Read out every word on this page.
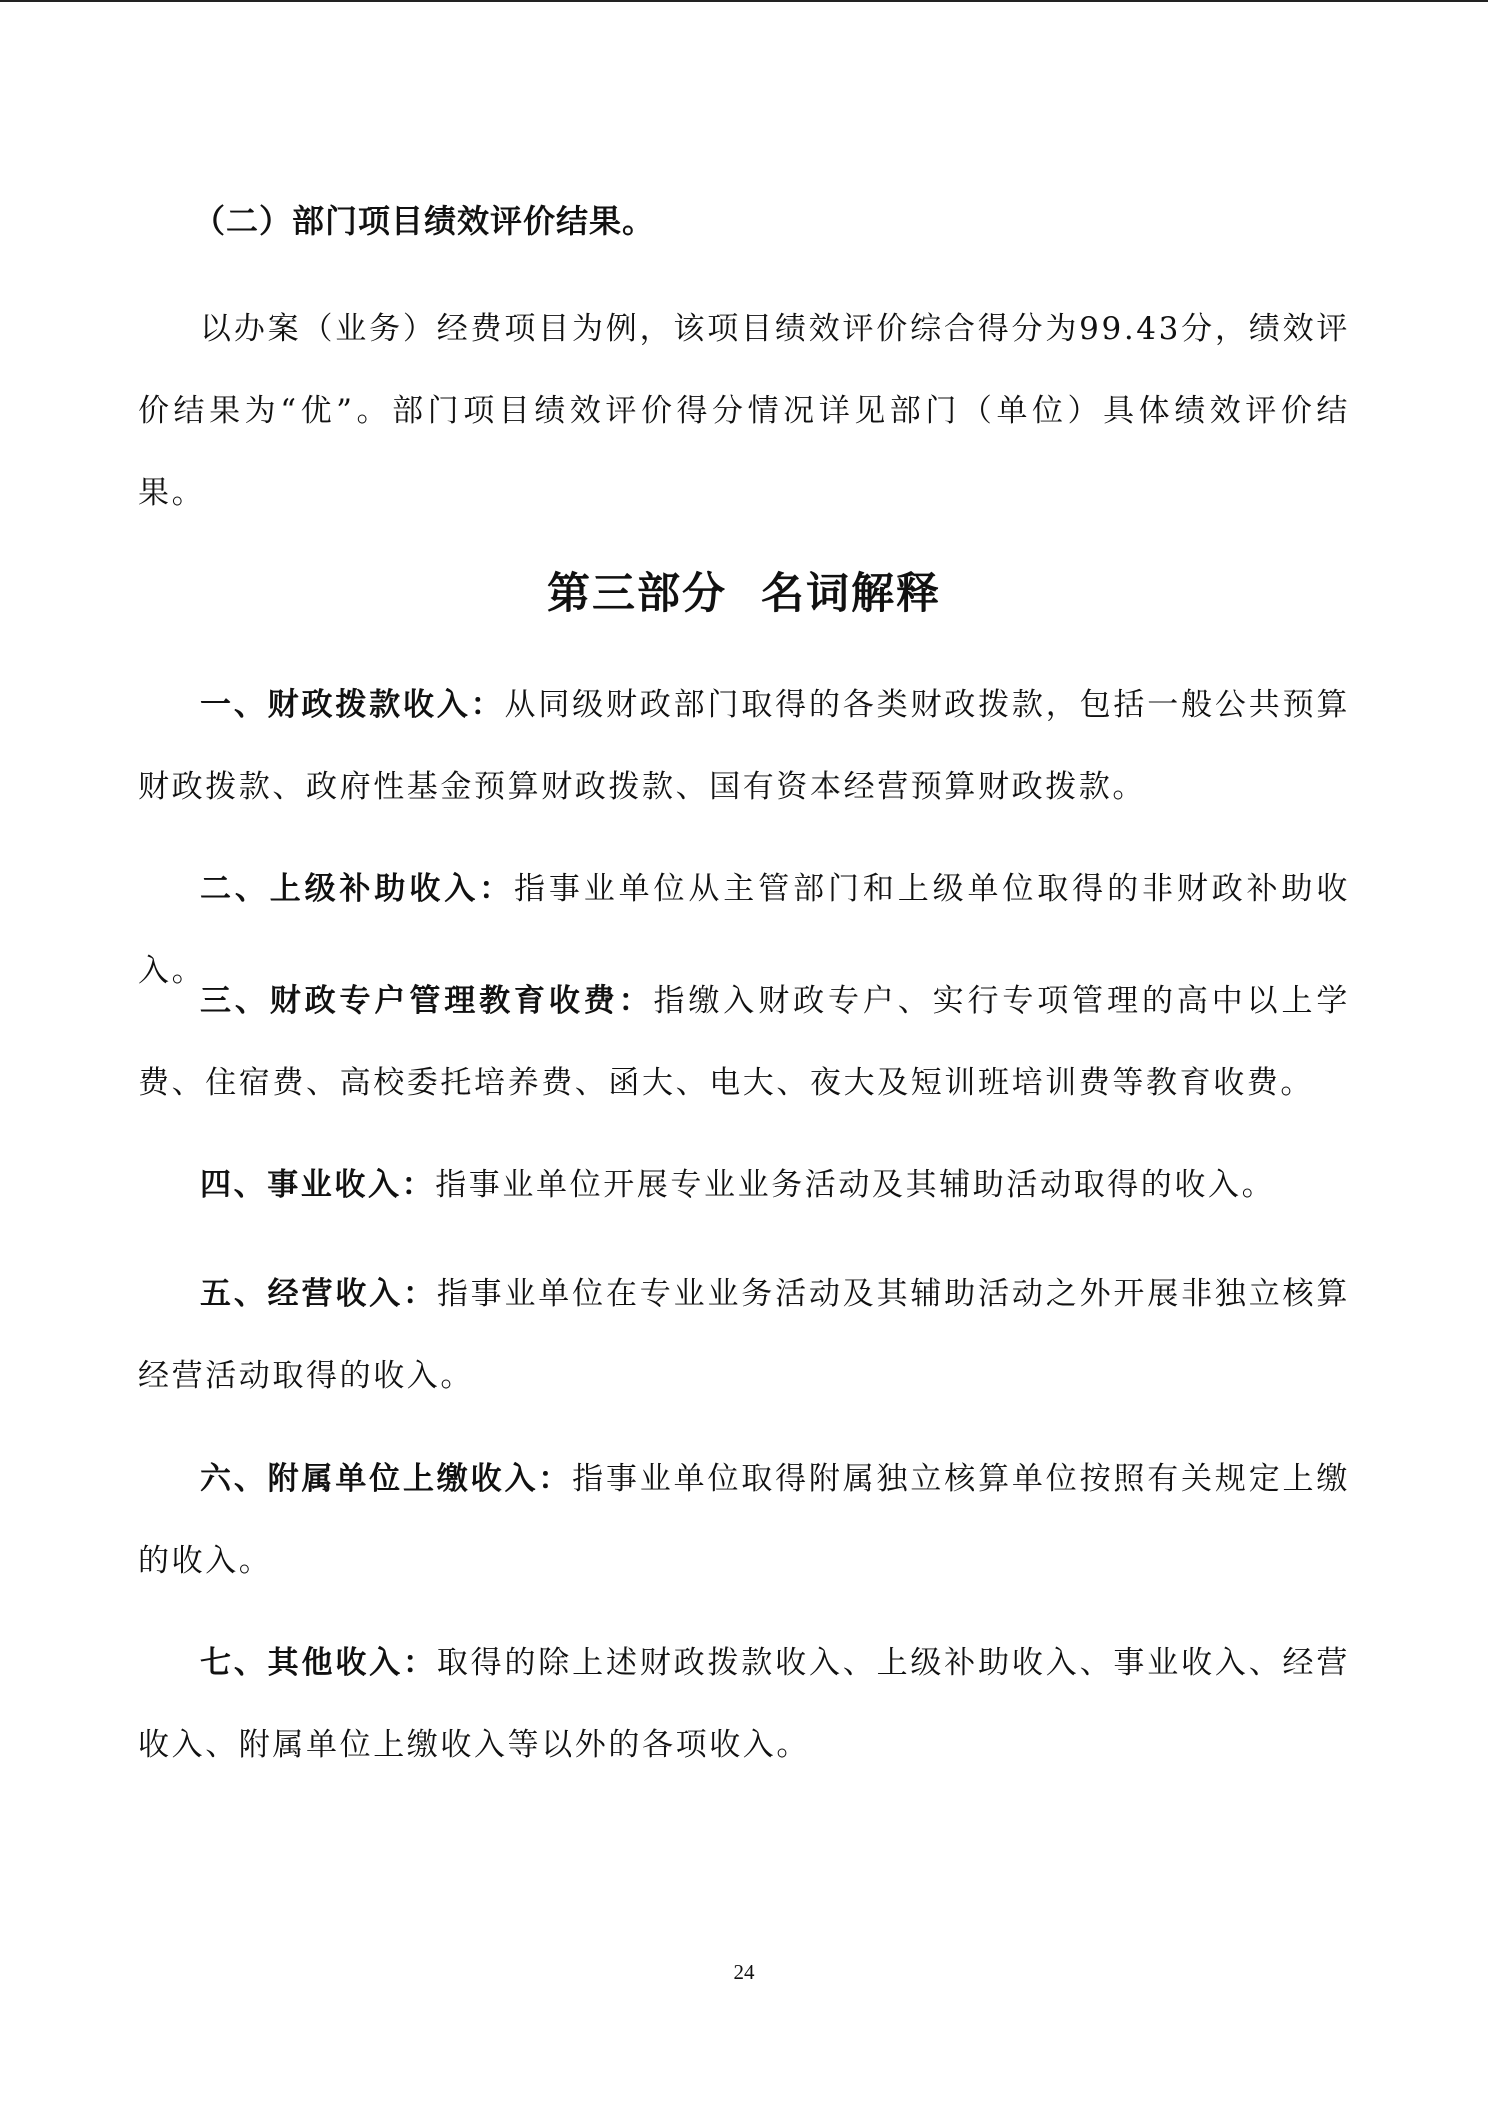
（二）部门项目绩效评价结果。
以办案（业务）经费项目为例，该项目绩效评价综合得分为99.43分，绩效评价结果为“优”。部门项目绩效评价得分情况详见部门（单位）具体绩效评价结果。
第三部分  名词解释
一、财政拨款收入：从同级财政部门取得的各类财政拨款，包括一般公共预算财政拨款、政府性基金预算财政拨款、国有资本经营预算财政拨款。
二、上级补助收入：指事业单位从主管部门和上级单位取得的非财政补助收入。
三、财政专户管理教育收费：指缴入财政专户、实行专项管理的高中以上学费、住宿费、高校委托培养费、函大、电大、夜大及短训班培训费等教育收费。
四、事业收入：指事业单位开展专业业务活动及其辅助活动取得的收入。
五、经营收入：指事业单位在专业业务活动及其辅助活动之外开展非独立核算经营活动取得的收入。
六、附属单位上缴收入：指事业单位取得附属独立核算单位按照有关规定上缴的收入。
七、其他收入：取得的除上述财政拨款收入、上级补助收入、事业收入、经营收入、附属单位上缴收入等以外的各项收入。
24
